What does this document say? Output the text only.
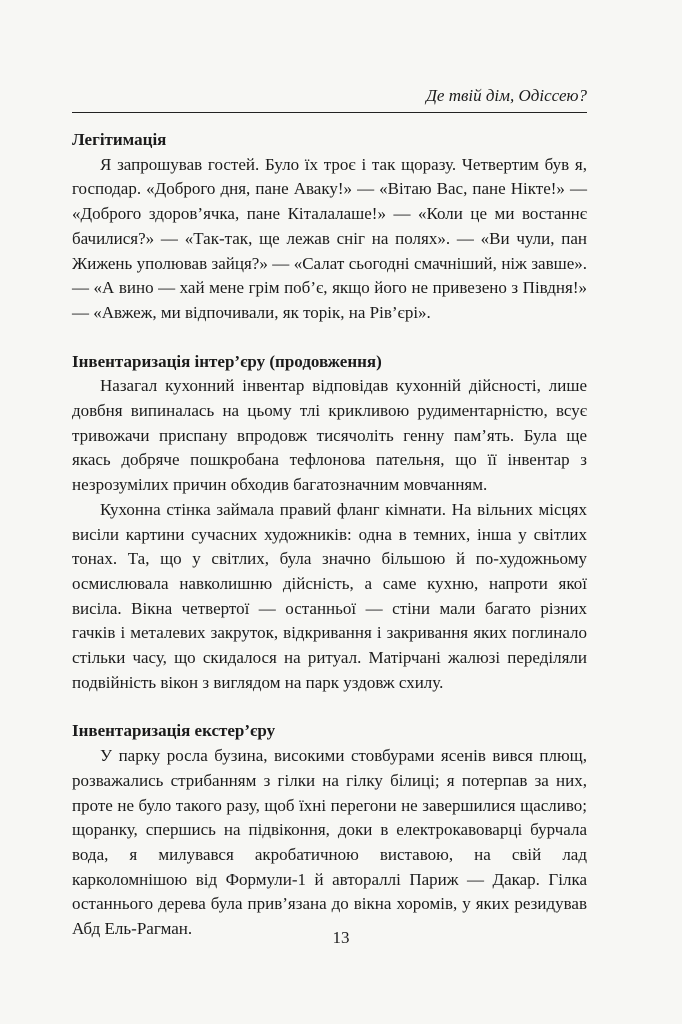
Де твій дім, Одіссею?
Легітимація

Я запрошував гостей. Було їх троє і так щоразу. Четвертим був я, господар. «Доброго дня, пане Аваку!» — «Вітаю Вас, пане Нікте!» — «Доброго здоров’ячка, пане Кіталалаше!» — «Коли це ми востаннє бачилися?» — «Так-так, ще лежав сніг на полях». — «Ви чули, пан Жижень уполював зайця?» — «Салат сьогодні смачніший, ніж завше». — «А вино — хай мене грім поб’є, якщо його не привезено з Півдня!» — «Авжеж, ми відпочивали, як торік, на Рів’єрі».

Інвентаризація інтер’єру (продовження)

Назагал кухонний інвентар відповідав кухонній дійсності, лише довбня випиналась на цьому тлі крикливою рудиментарністю, всує тривожачи приспану впродовж тисячоліть генну пам’ять. Була ще якась добряче пошкробана тефлонова пательня, що її інвентар з незрозумілих причин обходив багатозначним мовчанням.

Кухонна стінка займала правий фланг кімнати. На вільних місцях висіли картини сучасних художників: одна в темних, інша у світлих тонах. Та, що у світлих, була значно більшою й по-художньому осмислювала навколишню дійсність, а саме кухню, напроти якої висіла. Вікна четвертої — останньої — стіни мали багато різних гачків і металевих закруток, відкривання і закривання яких поглинало стільки часу, що скидалося на ритуал. Матірчані жалюзі переділяли подвійність вікон з виглядом на парк уздовж схилу.

Інвентаризація екстер’єру

У парку росла бузина, високими стовбурами ясенів вився плющ, розважались стрибанням з гілки на гілку білиці; я потерпав за них, проте не було такого разу, щоб їхні перегони не завершилися щасливо; щоранку, спершись на підвіконня, доки в електрокавоварці бурчала вода, я милувався акробатичною виставою, на свій лад карколомнішою від Формули-1 й автораллі Париж — Дакар. Гілка останнього дерева була прив’язана до вікна хоромів, у яких резидував Абд Ель-Рагман.	13
